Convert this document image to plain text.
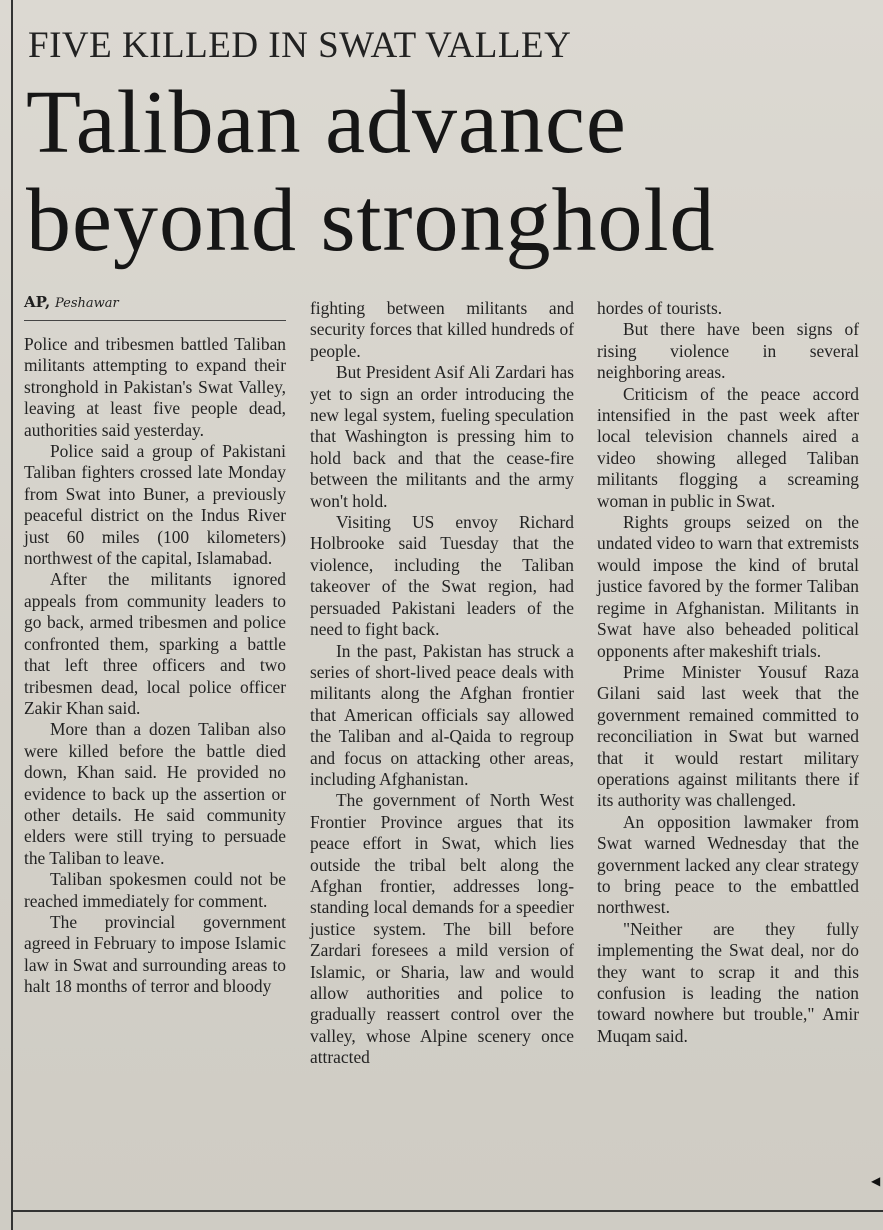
FIVE KILLED IN SWAT VALLEY
Taliban advance
beyond stronghold
AP, Peshawar

Police and tribesmen battled Taliban militants attempting to expand their stronghold in Pakistan's Swat Valley, leaving at least five people dead, authorities said yesterday.

Police said a group of Pakistani Taliban fighters crossed late Monday from Swat into Buner, a previously peaceful district on the Indus River just 60 miles (100 kilometers) northwest of the capital, Islamabad.

After the militants ignored appeals from community leaders to go back, armed tribesmen and police confronted them, sparking a battle that left three officers and two tribesmen dead, local police officer Zakir Khan said.

More than a dozen Taliban also were killed before the battle died down, Khan said. He provided no evidence to back up the assertion or other details. He said community elders were still trying to persuade the Taliban to leave.

Taliban spokesmen could not be reached immediately for comment.

The provincial government agreed in February to impose Islamic law in Swat and surrounding areas to halt 18 months of terror and bloody

fighting between militants and security forces that killed hundreds of people.

But President Asif Ali Zardari has yet to sign an order introducing the new legal system, fueling speculation that Washington is pressing him to hold back and that the cease-fire between the militants and the army won't hold.

Visiting US envoy Richard Holbrooke said Tuesday that the violence, including the Taliban takeover of the Swat region, had persuaded Pakistani leaders of the need to fight back.

In the past, Pakistan has struck a series of short-lived peace deals with militants along the Afghan frontier that American officials say allowed the Taliban and al-Qaida to regroup and focus on attacking other areas, including Afghanistan.

The government of North West Frontier Province argues that its peace effort in Swat, which lies outside the tribal belt along the Afghan frontier, addresses long-standing local demands for a speedier justice system. The bill before Zardari foresees a mild version of Islamic, or Sharia, law and would allow authorities and police to gradually reassert control over the valley, whose Alpine scenery once attracted

hordes of tourists.

But there have been signs of rising violence in several neighboring areas.

Criticism of the peace accord intensified in the past week after local television channels aired a video showing alleged Taliban militants flogging a screaming woman in public in Swat.

Rights groups seized on the undated video to warn that extremists would impose the kind of brutal justice favored by the former Taliban regime in Afghanistan. Militants in Swat have also beheaded political opponents after makeshift trials.

Prime Minister Yousuf Raza Gilani said last week that the government remained committed to reconciliation in Swat but warned that it would restart military operations against militants there if its authority was challenged.

An opposition lawmaker from Swat warned Wednesday that the government lacked any clear strategy to bring peace to the embattled northwest.

"Neither are they fully implementing the Swat deal, nor do they want to scrap it and this confusion is leading the nation toward nowhere but trouble," Amir Muqam said.

◀
